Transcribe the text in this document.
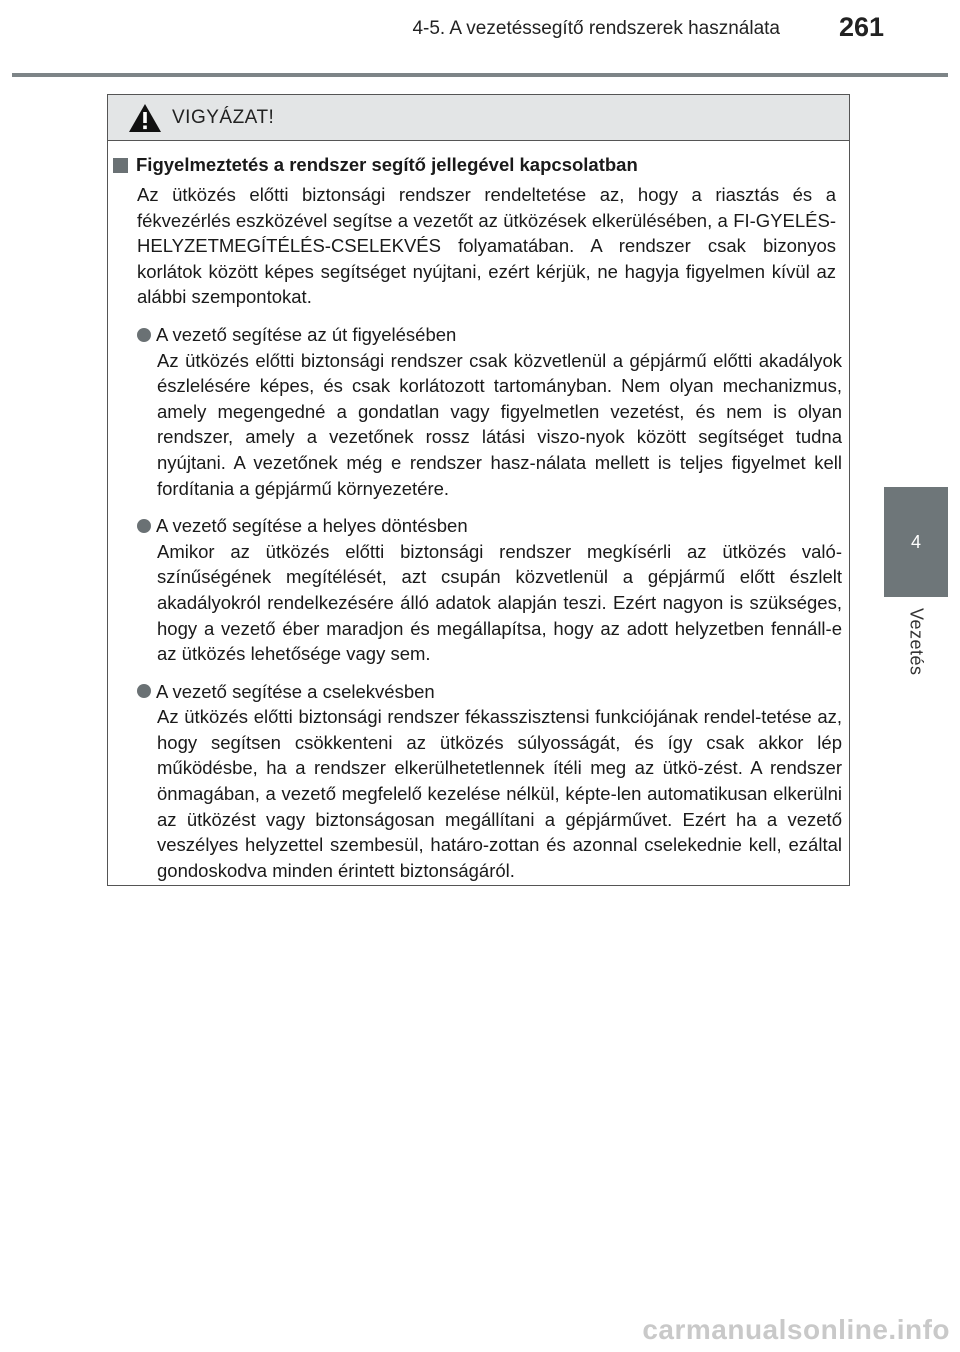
4-5. A vezetéssegítő rendszerek használata 261
4
Vezetés
VIGYÁZAT!
Figyelmeztetés a rendszer segítő jellegével kapcsolatban

Az ütközés előtti biztonsági rendszer rendeltetése az, hogy a riasztás és a fékvezérlés eszközével segítse a vezetőt az ütközések elkerülésében, a FI-GYELÉS-HELYZETMEGÍTÉLÉS-CSELEKVÉS folyamatában. A rendszer csak bizonyos korlátok között képes segítséget nyújtani, ezért kérjük, ne hagyja figyelmen kívül az alábbi szempontokat.

A vezető segítése az út figyelésében

Az ütközés előtti biztonsági rendszer csak közvetlenül a gépjármű előtti akadályok észlelésére képes, és csak korlátozott tartományban. Nem olyan mechanizmus, amely megengedné a gondatlan vagy figyelmetlen vezetést, és nem is olyan rendszer, amely a vezetőnek rossz látási viszo-nyok között segítséget tudna nyújtani. A vezetőnek még e rendszer hasz-nálata mellett is teljes figyelmet kell fordítania a gépjármű környezetére.

A vezető segítése a helyes döntésben

Amikor az ütközés előtti biztonsági rendszer megkísérli az ütközés való-színűségének megítélését, azt csupán közvetlenül a gépjármű előtt észlelt akadályokról rendelkezésére álló adatok alapján teszi. Ezért nagyon is szükséges, hogy a vezető éber maradjon és megállapítsa, hogy az adott helyzetben fennáll-e az ütközés lehetősége vagy sem.

A vezető segítése a cselekvésben

Az ütközés előtti biztonsági rendszer fékasszisztensi funkciójának rendel-tetése az, hogy segítsen csökkenteni az ütközés súlyosságát, és így csak akkor lép működésbe, ha a rendszer elkerülhetetlennek ítéli meg az ütkö-zést. A rendszer önmagában, a vezető megfelelő kezelése nélkül, képte-len automatikusan elkerülni az ütközést vagy biztonságosan megállítani a gépjárművet. Ezért ha a vezető veszélyes helyzettel szembesül, határo-zottan és azonnal cselekednie kell, ezáltal gondoskodva minden érintett biztonságáról.

carmanualsonline.info
